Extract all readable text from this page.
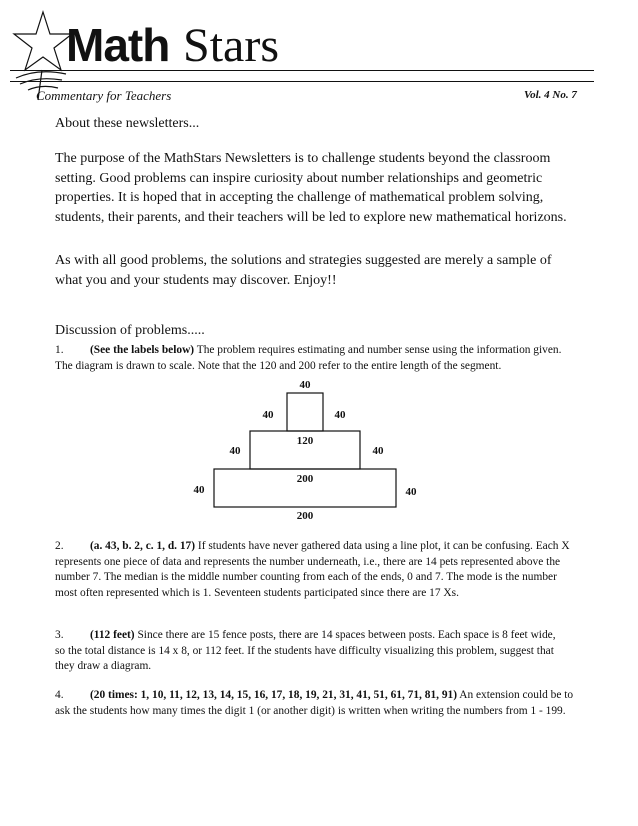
Math Stars
Commentary for Teachers	Vol. 4 No. 7

About these newsletters...

The purpose of the MathStars Newsletters is to challenge students beyond the classroom setting. Good problems can inspire curiosity about number relationships and geometric properties. It is hoped that in accepting the challenge of mathematical problem solving, students, their parents, and their teachers will be led to explore new mathematical horizons.

As with all good problems, the solutions and strategies suggested are merely a sample of what you and your students may discover. Enjoy!!

Discussion of problems.....

1. (See the labels below) The problem requires estimating and number sense using the information given. The diagram is drawn to scale. Note that the 120 and 200 refer to the entire length of the segment.

40
40	40
120
40	40
200
40	40
200

2. (a. 43, b. 2, c. 1, d. 17) If students have never gathered data using a line plot, it can be confusing. Each X represents one piece of data and represents the number underneath, i.e., there are 14 pets represented above the number 7. The median is the middle number counting from each of the ends, 0 and 7. The mode is the number most often represented which is 1. Seventeen students participated since there are 17 Xs.

3. (112 feet) Since there are 15 fence posts, there are 14 spaces between posts. Each space is 8 feet wide, so the total distance is 14 x 8, or 112 feet. If the students have difficulty visualizing this problem, suggest that they draw a diagram.

4. (20 times: 1, 10, 11, 12, 13, 14, 15, 16, 17, 18, 19, 21, 31, 41, 51, 61, 71, 81, 91) An extension could be to ask the students how many times the digit 1 (or another digit) is written when writing the numbers from 1 - 199.
